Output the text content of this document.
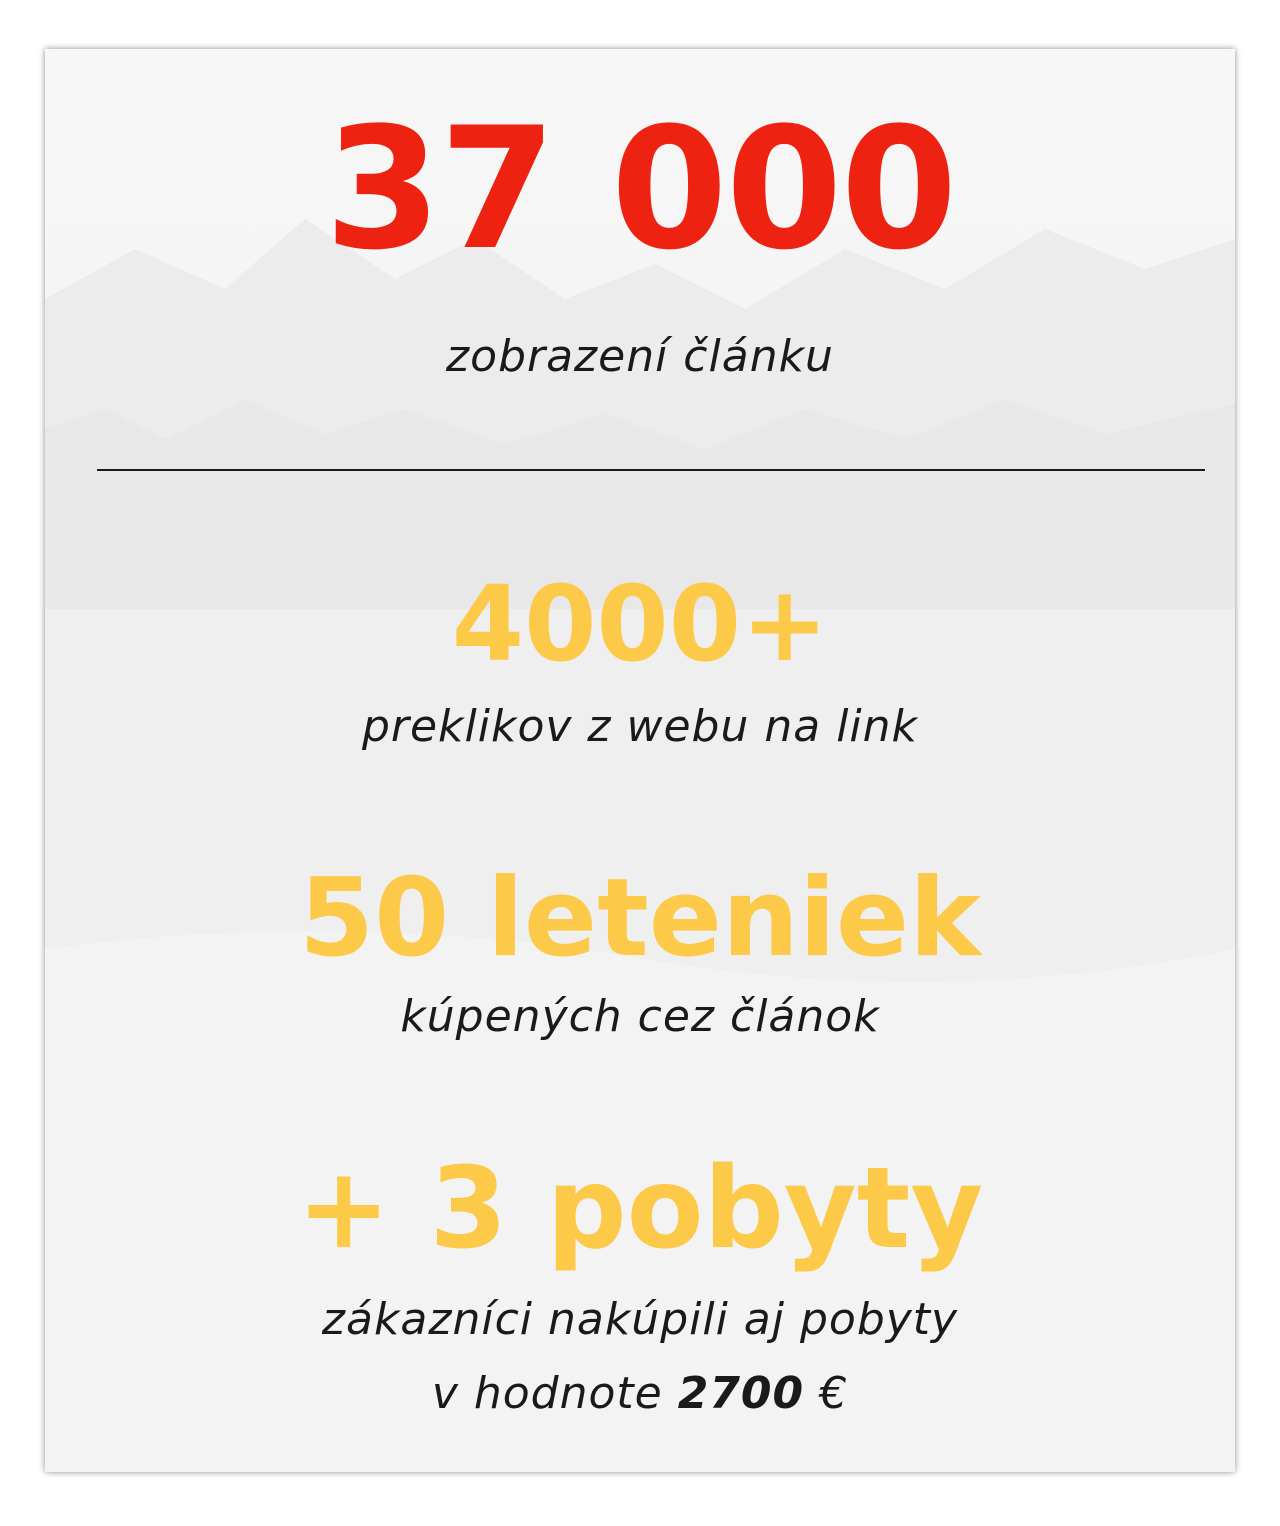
37 000
zobrazení článku
4000+
preklikov z webu na link
50 leteniek
kúpených cez článok
+ 3 pobyty
zákazníci nakúpili aj pobyty
v hodnote 2700 €
